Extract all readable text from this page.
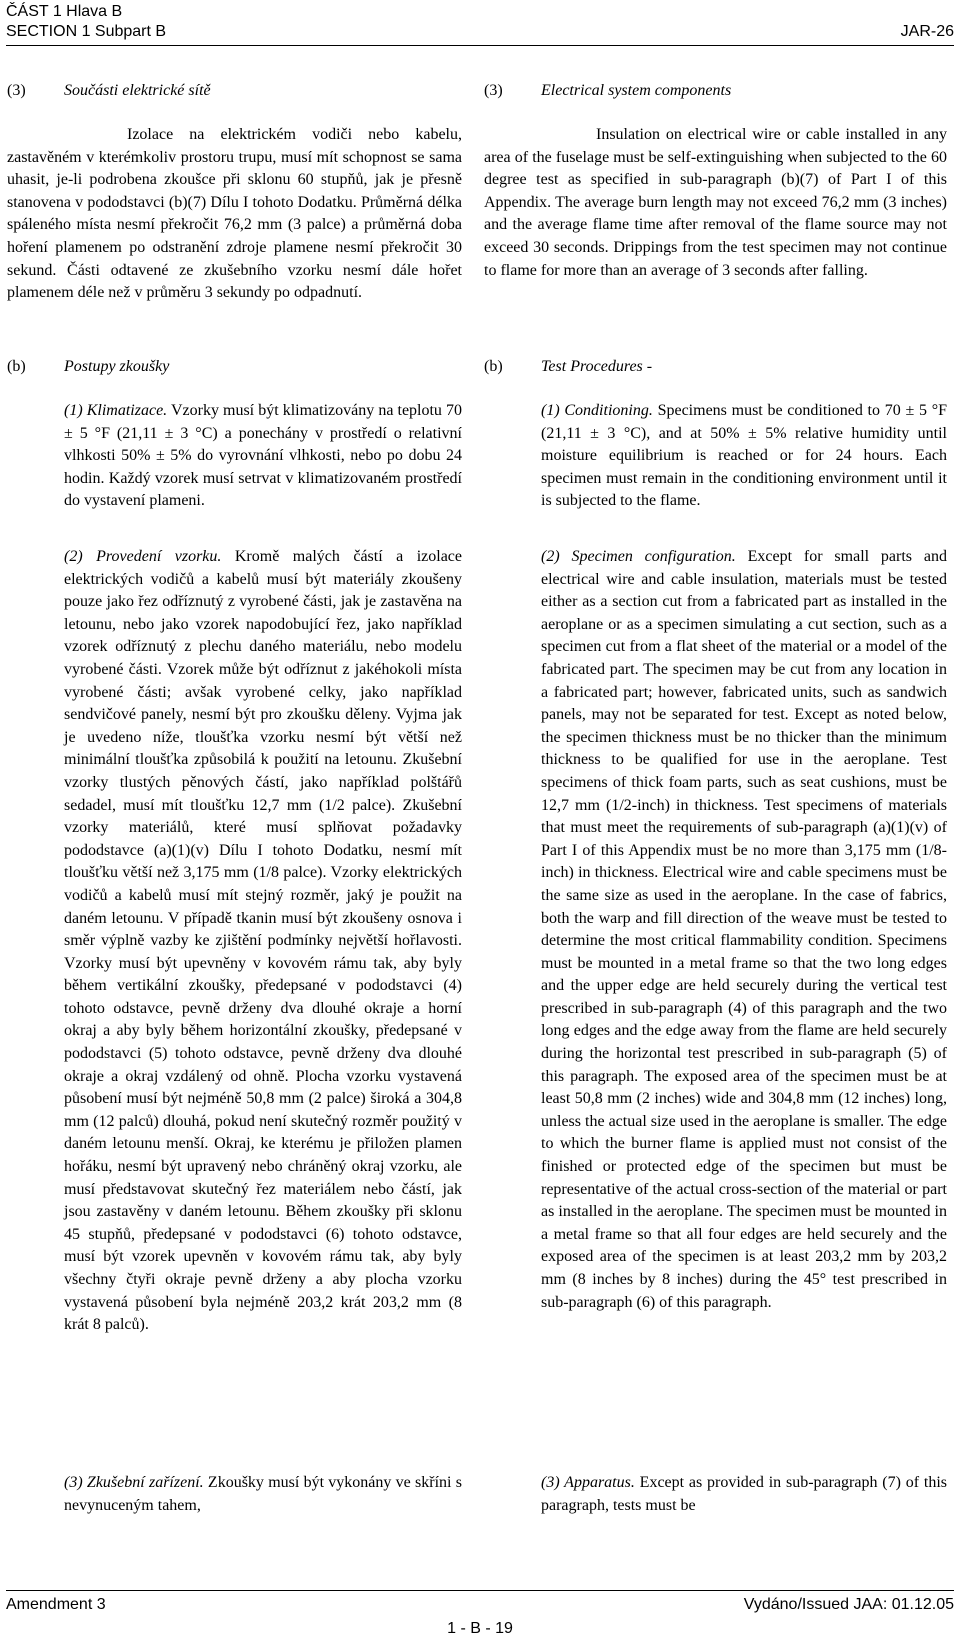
ČÁST 1 Hlava B
SECTION 1 Subpart B	JAR-26
(3) Součásti elektrické sítě
Izolace na elektrickém vodiči nebo kabelu, zastavěném v kterémkoliv prostoru trupu, musí mít schopnost se sama uhasit, je-li podrobena zkoušce při sklonu 60 stupňů, jak je přesně stanovena v pododstavci (b)(7) Dílu I tohoto Dodatku. Průměrná délka spáleného místa nesmí překročit 76,2 mm (3 palce) a průměrná doba hoření plamenem po odstranění zdroje plamene nesmí překročit 30 sekund. Části odtavené ze zkušebního vzorku nesmí dále hořet plamenem déle než v průměru 3 sekundy po odpadnutí.
(b) Postupy zkoušky
(1) Klimatizace. Vzorky musí být klimatizovány na teplotu 70 ± 5 °F (21,11 ± 3 °C) a ponechány v prostředí o relativní vlhkosti 50% ± 5% do vyrovnání vlhkosti, nebo po dobu 24 hodin. Každý vzorek musí setrvat v klimatizovaném prostředí do vystavení plameni.
(2) Provedení vzorku. Kromě malých částí a izolace elektrických vodičů a kabelů musí být materiály zkoušeny pouze jako řez odříznutý z vyrobené části, jak je zastavěna na letounu, nebo jako vzorek napodobující řez, jako například vzorek odříznutý z plechu daného materiálu, nebo modelu vyrobené části. Vzorek může být odříznut z jakéhokoli místa vyrobené části; avšak vyrobené celky, jako například sendvičové panely, nesmí být pro zkoušku děleny. Vyjma jak je uvedeno níže, tloušťka vzorku nesmí být větší než minimální tloušťka způsobilá k použití na letounu. Zkušební vzorky tlustých pěnových částí, jako například polštářů sedadel, musí mít tloušťku 12,7 mm (1/2 palce). Zkušební vzorky materiálů, které musí splňovat požadavky pododstavce (a)(1)(v) Dílu I tohoto Dodatku, nesmí mít tloušťku větší než 3,175 mm (1/8 palce). Vzorky elektrických vodičů a kabelů musí mít stejný rozměr, jaký je použit na daném letounu. V případě tkanin musí být zkoušeny osnova i směr výplně vazby ke zjištění podmínky největší hořlavosti. Vzorky musí být upevněny v kovovém rámu tak, aby byly během vertikální zkoušky, předepsané v pododstavci (4) tohoto odstavce, pevně drženy dva dlouhé okraje a horní okraj a aby byly během horizontální zkoušky, předepsané v pododstavci (5) tohoto odstavce, pevně drženy dva dlouhé okraje a okraj vzdálený od ohně. Plocha vzorku vystavená působení musí být nejméně 50,8 mm (2 palce) široká a 304,8 mm (12 palců) dlouhá, pokud není skutečný rozměr použitý v daném letounu menší. Okraj, ke kterému je přiložen plamen hořáku, nesmí být upravený nebo chráněný okraj vzorku, ale musí představovat skutečný řez materiálem nebo částí, jak jsou zastavěny v daném letounu. Během zkoušky při sklonu 45 stupňů, předepsané v pododstavci (6) tohoto odstavce, musí být vzorek upevněn v kovovém rámu tak, aby byly všechny čtyři okraje pevně drženy a aby plocha vzorku vystavená působení byla nejméně 203,2 krát 203,2 mm (8 krát 8 palců).
(3) Zkušební zařízení. Zkoušky musí být vykonány ve skříni s nevynuceným tahem,
(3) Electrical system components
Insulation on electrical wire or cable installed in any area of the fuselage must be self-extinguishing when subjected to the 60 degree test as specified in sub-paragraph (b)(7) of Part I of this Appendix. The average burn length may not exceed 76,2 mm (3 inches) and the average flame time after removal of the flame source may not exceed 30 seconds. Drippings from the test specimen may not continue to flame for more than an average of 3 seconds after falling.
(b) Test Procedures -
(1) Conditioning. Specimens must be conditioned to 70 ± 5 °F (21,11 ± 3 °C), and at 50% ± 5% relative humidity until moisture equilibrium is reached or for 24 hours. Each specimen must remain in the conditioning environment until it is subjected to the flame.
(2) Specimen configuration. Except for small parts and electrical wire and cable insulation, materials must be tested either as a section cut from a fabricated part as installed in the aeroplane or as a specimen simulating a cut section, such as a specimen cut from a flat sheet of the material or a model of the fabricated part. The specimen may be cut from any location in a fabricated part; however, fabricated units, such as sandwich panels, may not be separated for test. Except as noted below, the specimen thickness must be no thicker than the minimum thickness to be qualified for use in the aeroplane. Test specimens of thick foam parts, such as seat cushions, must be 12,7 mm (1/2-inch) in thickness. Test specimens of materials that must meet the requirements of sub-paragraph (a)(1)(v) of Part I of this Appendix must be no more than 3,175 mm (1/8-inch) in thickness. Electrical wire and cable specimens must be the same size as used in the aeroplane. In the case of fabrics, both the warp and fill direction of the weave must be tested to determine the most critical flammability condition. Specimens must be mounted in a metal frame so that the two long edges and the upper edge are held securely during the vertical test prescribed in sub-paragraph (4) of this paragraph and the two long edges and the edge away from the flame are held securely during the horizontal test prescribed in sub-paragraph (5) of this paragraph. The exposed area of the specimen must be at least 50,8 mm (2 inches) wide and 304,8 mm (12 inches) long, unless the actual size used in the aeroplane is smaller. The edge to which the burner flame is applied must not consist of the finished or protected edge of the specimen but must be representative of the actual cross-section of the material or part as installed in the aeroplane. The specimen must be mounted in a metal frame so that all four edges are held securely and the exposed area of the specimen is at least 203,2 mm by 203,2 mm (8 inches by 8 inches) during the 45° test prescribed in sub-paragraph (6) of this paragraph.
(3) Apparatus. Except as provided in sub-paragraph (7) of this paragraph, tests must be
Amendment 3	Vydáno/Issued JAA: 01.12.05
1 - B - 19
